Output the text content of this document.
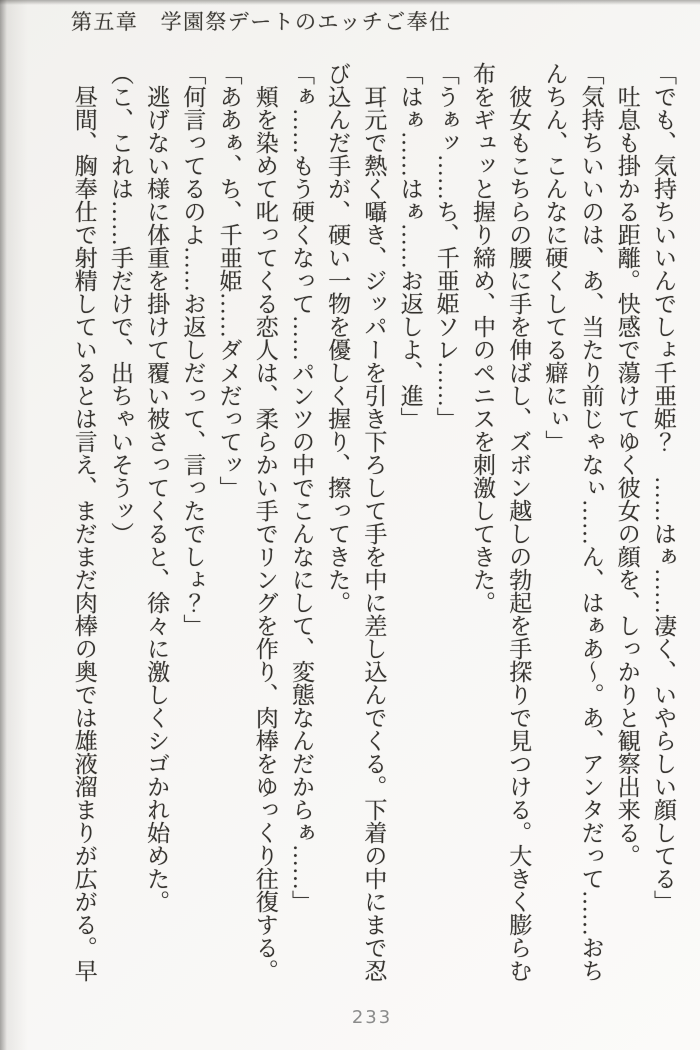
第五章　学園祭デートのエッチご奉仕

「でも、気持ちいいんでしょ千亜姫？　……はぁ……凄く、いやらしい顔してる」

吐息も掛かる距離。快感で蕩けてゆく彼女の顔を、しっかりと観察出来る。

「気持ちいいのは、あ、当たり前じゃなぃ……ん、はぁあ～。あ、アンタだって……おちんちん、こんなに硬くしてる癖にぃ」

彼女もこちらの腰に手を伸ばし、ズボン越しの勃起を手探りで見つける。大きく膨らむ布をギュッと握り締め、中のペニスを刺激してきた。

「うぁッ……ち、千亜姫ソレ……」

「はぁ……はぁ……お返しよ、進」

耳元で熱く囁き、ジッパーを引き下ろして手を中に差し込んでくる。下着の中にまで忍び込んだ手が、硬い一物を優しく握り、擦ってきた。

「ぁ……もう硬くなって……パンツの中でこんなにして、変態なんだからぁ……」

頬を染めて叱ってくる恋人は、柔らかい手でリングを作り、肉棒をゆっくり往復する。

「ああぁ、ち、千亜姫……ダメだってッ」

「何言ってるのよ……お返しだって、言ったでしょ？」

逃げない様に体重を掛けて覆い被さってくると、徐々に激しくシゴかれ始めた。

（こ、これは……手だけで、出ちゃいそうッ）

昼間、胸奉仕で射精しているとは言え、まだまだ肉棒の奥では雄液溜まりが広がる。早

233
